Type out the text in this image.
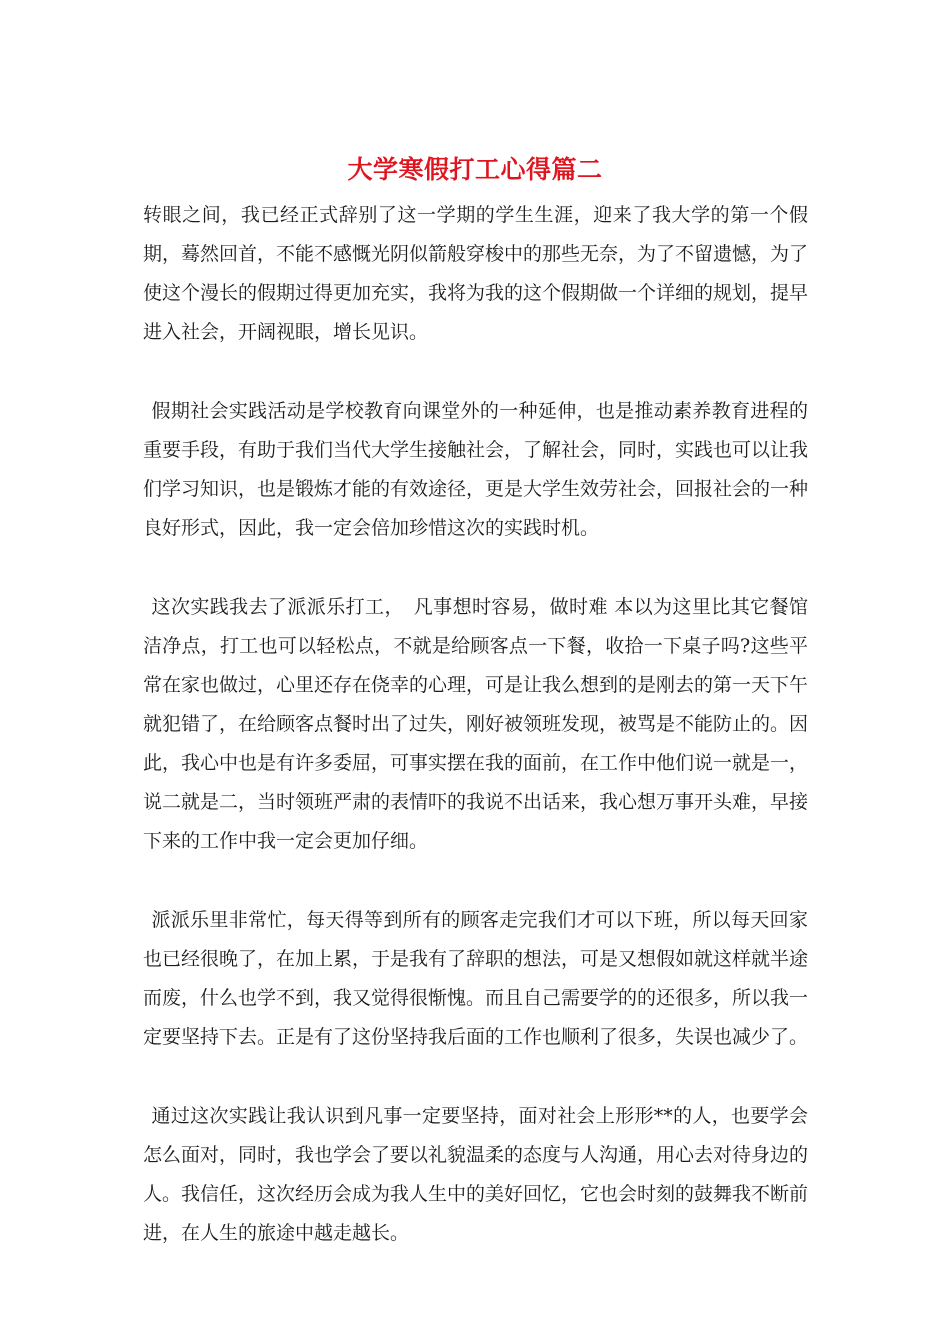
大学寒假打工心得篇二

转眼之间，我已经正式辞别了这一学期的学生生涯，迎来了我大学的第一个假期，蓦然回首，不能不感慨光阴似箭般穿梭中的那些无奈，为了不留遗憾，为了使这个漫长的假期过得更加充实，我将为我的这个假期做一个详细的规划，提早进入社会，开阔视眼，增长见识。

假期社会实践活动是学校教育向课堂外的一种延伸，也是推动素养教育进程的重要手段，有助于我们当代大学生接触社会，了解社会，同时，实践也可以让我们学习知识，也是锻炼才能的有效途径，更是大学生效劳社会，回报社会的一种良好形式，因此，我一定会倍加珍惜这次的实践时机。

这次实践我去了派派乐打工，　凡事想时容易，做时难 本以为这里比其它餐馆洁净点，打工也可以轻松点，不就是给顾客点一下餐，收拾一下桌子吗?这些平常在家也做过，心里还存在侥幸的心理，可是让我么想到的是刚去的第一天下午就犯错了，在给顾客点餐时出了过失，刚好被领班发现，被骂是不能防止的。因此，我心中也是有许多委屈，可事实摆在我的面前，在工作中他们说一就是一，说二就是二，当时领班严肃的表情吓的我说不出话来，我心想万事开头难，早接下来的工作中我一定会更加仔细。

派派乐里非常忙，每天得等到所有的顾客走完我们才可以下班，所以每天回家也已经很晚了，在加上累，于是我有了辞职的想法，可是又想假如就这样就半途而废，什么也学不到，我又觉得很惭愧。而且自己需要学的的还很多，所以我一定要坚持下去。正是有了这份坚持我后面的工作也顺利了很多，失误也减少了。

通过这次实践让我认识到凡事一定要坚持，面对社会上形形**的人，也要学会怎么面对，同时，我也学会了要以礼貌温柔的态度与人沟通，用心去对待身边的人。我信任，这次经历会成为我人生中的美好回忆，它也会时刻的鼓舞我不断前进，在人生的旅途中越走越长。
